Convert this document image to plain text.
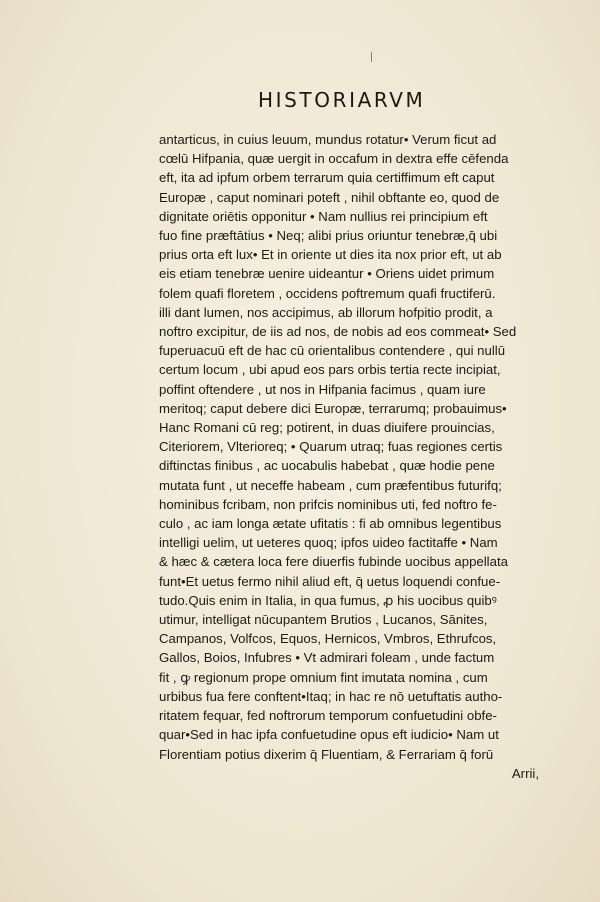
HISTORIARVM
antarticus, in cuius leuum, mundus rotatur• Verum ficut ad
cœlū Hifpania, quæ uergit in occafum in dextra effe cēfenda
eft, ita ad ipfum orbem terrarum quia certiffimum eft caput
Europæ , caput nominari poteft , nihil obftante eo, quod de
dignitate oriētis opponitur • Nam nullius rei principium eft
fuo fine præftātius • Neq; alibi prius oriuntur tenebræ,q̄ ubi
prius orta eft lux• Et in oriente ut dies ita nox prior eft, ut ab
eis etiam tenebræ uenire uideantur • Oriens uidet primum
folem quafi floretem , occidens poftremum quafi fructiferū.
illi dant lumen, nos accipimus, ab illorum hofpitio prodit, a
noftro excipitur, de iis ad nos, de nobis ad eos commeat• Sed
fuperuacuū eft de hac cū orientalibus contendere , qui nullū
certum locum , ubi apud eos pars orbis tertia recte incipiat,
poffint oftendere , ut nos in Hifpania facimus , quam iure
meritoq; caput debere dici Europæ, terrarumq; probauimus•
Hanc Romani cū reg; potirent, in duas diuifere prouincias,
Citeriorem, Vlterioreq; • Quarum utraq; fuas regiones certis
diftinctas finibus , ac uocabulis habebat , quæ hodie pene
mutata funt , ut neceffe habeam , cum præfentibus futurifq;
hominibus fcribam, non prifcis nominibus uti, fed noftro fe-
culo , ac iam longa ætate ufitatis : fi ab omnibus legentibus
intelligi uelim, ut ueteres quoq; ipfos uideo factitaffe • Nam
& hæc & cætera loca fere diuerfis fubinde uocibus appellata
funt•Et uetus fermo nihil aliud eft, q̄ uetus loquendi confue-
tudo.Quis enim in Italia, in qua fumus, ꝓ his uocibus quibꝰ
utimur, intelligat nūcupantem Brutios , Lucanos, Sānites,
Campanos, Volfcos, Equos, Hernicos, Vmbros, Ethrufcos,
Gallos, Boios, Infubres • Vt admirari foleam , unde factum
fit , ꝙ regionum prope omnium fint imutata nomina , cum
urbibus fua fere conftent•Itaq; in hac re nō uetuftatis autho-
ritatem fequar, fed noftrorum temporum confuetudini obfe-
quar•Sed in hac ipfa confuetudine opus eft iudicio• Nam ut
Florentiam potius dixerim q̄ Fluentiam, & Ferrariam q̄ forū
Arrii,
